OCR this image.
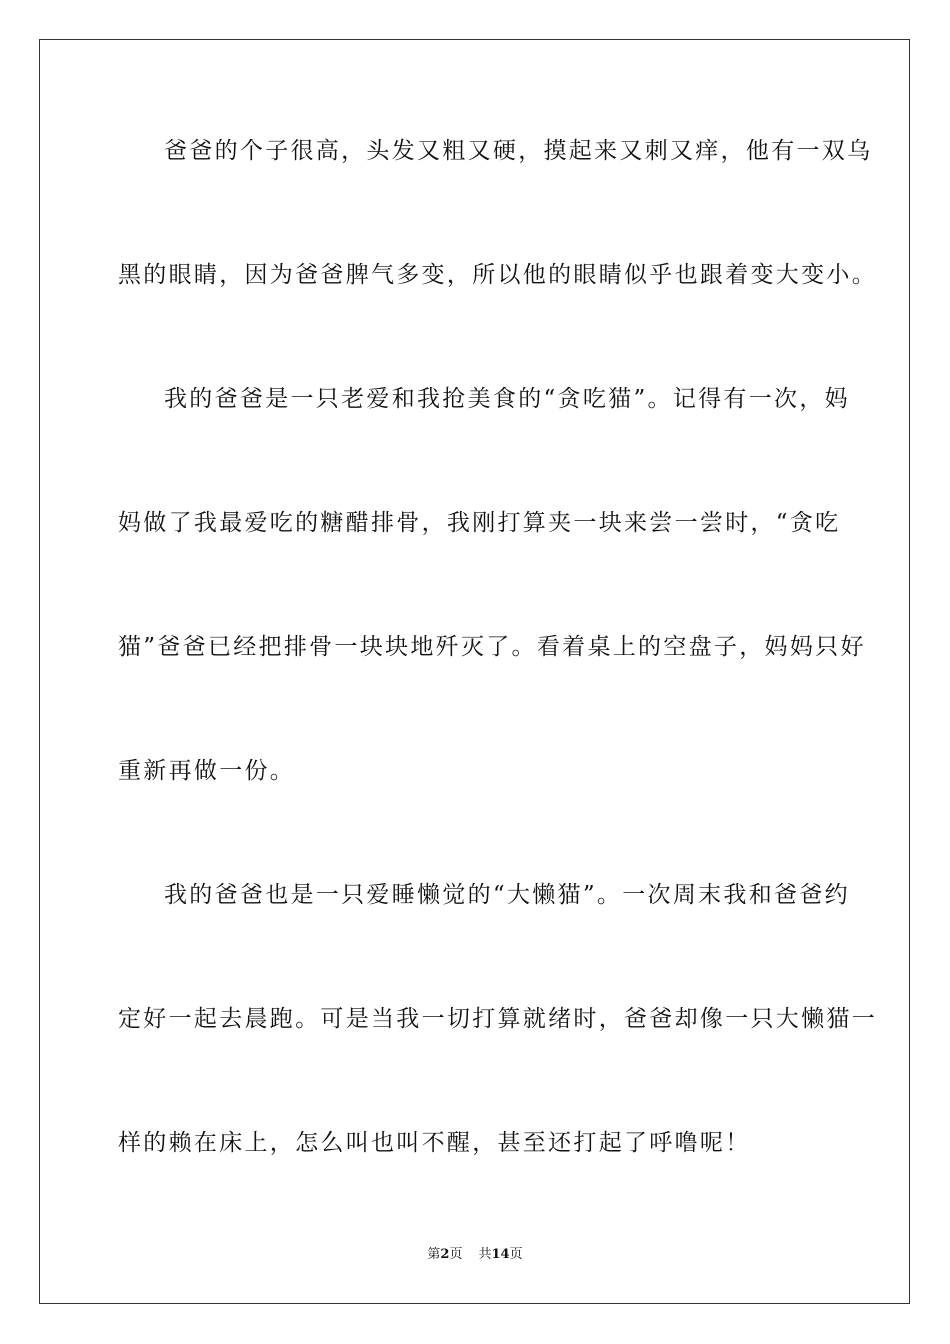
爸爸的个子很高，头发又粗又硬，摸起来又刺又痒，他有一双乌
黑的眼睛，因为爸爸脾气多变，所以他的眼睛似乎也跟着变大变小。
我的爸爸是一只老爱和我抢美食的“贪吃猫”。记得有一次，妈
妈做了我最爱吃的糖醋排骨，我刚打算夹一块来尝一尝时，“贪吃
猫”爸爸已经把排骨一块块地歼灭了。看着桌上的空盘子，妈妈只好
重新再做一份。
我的爸爸也是一只爱睡懒觉的“大懒猫”。一次周末我和爸爸约
定好一起去晨跑。可是当我一切打算就绪时，爸爸却像一只大懒猫一
样的赖在床上，怎么叫也叫不醒，甚至还打起了呼噜呢！
第2页 共14页
